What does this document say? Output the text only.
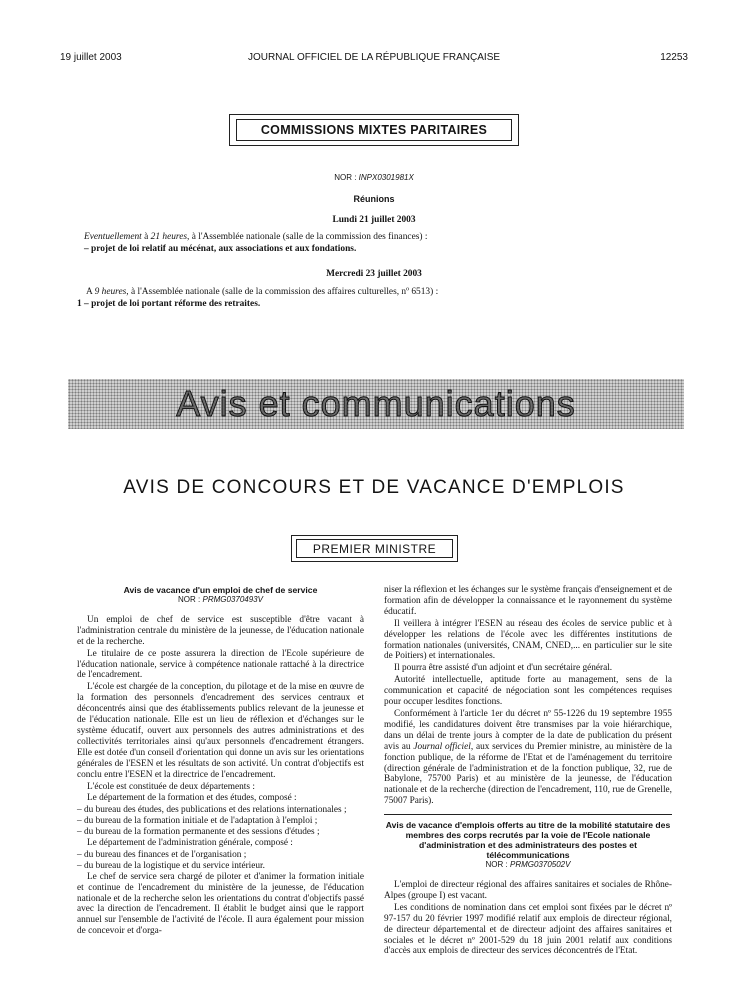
19 juillet 2003	JOURNAL OFFICIEL DE LA RÉPUBLIQUE FRANÇAISE	12253
COMMISSIONS MIXTES PARITAIRES
NOR : INPX0301981X
Réunions
Lundi 21 juillet 2003
Eventuellement à 21 heures, à l'Assemblée nationale (salle de la commission des finances) :
– projet de loi relatif au mécénat, aux associations et aux fondations.
Mercredi 23 juillet 2003
A 9 heures, à l'Assemblée nationale (salle de la commission des affaires culturelles, nº 6513) :
1 – projet de loi portant réforme des retraites.
Avis et communications
AVIS DE CONCOURS ET DE VACANCE D'EMPLOIS
PREMIER MINISTRE
Avis de vacance d'un emploi de chef de service
NOR : PRMG0370493V

Un emploi de chef de service est susceptible d'être vacant à l'administration centrale du ministère de la jeunesse, de l'éducation nationale et de la recherche.

Le titulaire de ce poste assurera la direction de l'Ecole supérieure de l'éducation nationale, service à compétence nationale rattaché à la directrice de l'encadrement.

L'école est chargée de la conception, du pilotage et de la mise en œuvre de la formation des personnels d'encadrement des services centraux et déconcentrés ainsi que des établissements publics relevant de la jeunesse et de l'éducation nationale. Elle est un lieu de réflexion et d'échanges sur le système éducatif, ouvert aux personnels des autres administrations et des collectivités territoriales ainsi qu'aux personnels d'encadrement étrangers. Elle est dotée d'un conseil d'orientation qui donne un avis sur les orientations générales de l'ESEN et les résultats de son activité. Un contrat d'objectifs est conclu entre l'ESEN et la directrice de l'encadrement.

L'école est constituée de deux départements :

Le département de la formation et des études, composé :

– du bureau des études, des publications et des relations internationales ;
– du bureau de la formation initiale et de l'adaptation à l'emploi ;
– du bureau de la formation permanente et des sessions d'études ;

Le département de l'administration générale, composé :

– du bureau des finances et de l'organisation ;
– du bureau de la logistique et du service intérieur.

Le chef de service sera chargé de piloter et d'animer la formation initiale et continue de l'encadrement du ministère de la jeunesse, de l'éducation nationale et de la recherche selon les orientations du contrat d'objectifs passé avec la direction de l'encadrement. Il établit le budget ainsi que le rapport annuel sur l'ensemble de l'activité de l'école. Il aura également pour mission de concevoir et d'orga-

niser la réflexion et les échanges sur le système français d'enseignement et de formation afin de développer la connaissance et le rayonnement du système éducatif.

Il veillera à intégrer l'ESEN au réseau des écoles de service public et à développer les relations de l'école avec les différentes institutions de formation nationales (universités, CNAM, CNED,... en particulier sur le site de Poitiers) et internationales.

Il pourra être assisté d'un adjoint et d'un secrétaire général.

Autorité intellectuelle, aptitude forte au management, sens de la communication et capacité de négociation sont les compétences requises pour occuper lesdites fonctions.

Conformément à l'article 1er du décret nº 55-1226 du 19 septembre 1955 modifié, les candidatures doivent être transmises par la voie hiérarchique, dans un délai de trente jours à compter de la date de publication du présent avis au Journal officiel, aux services du Premier ministre, au ministère de la fonction publique, de la réforme de l'Etat et de l'aménagement du territoire (direction générale de l'administration et de la fonction publique, 32, rue de Babylone, 75700 Paris) et au ministère de la jeunesse, de l'éducation nationale et de la recherche (direction de l'encadrement, 110, rue de Grenelle, 75007 Paris).

Avis de vacance d'emplois offerts au titre de la mobilité statutaire des membres des corps recrutés par la voie de l'Ecole nationale d'administration et des administrateurs des postes et télécommunications
NOR : PRMG0370502V

L'emploi de directeur régional des affaires sanitaires et sociales de Rhône-Alpes (groupe I) est vacant.

Les conditions de nomination dans cet emploi sont fixées par le décret nº 97-157 du 20 février 1997 modifié relatif aux emplois de directeur régional, de directeur départemental et de directeur adjoint des affaires sanitaires et sociales et le décret nº 2001-529 du 18 juin 2001 relatif aux conditions d'accès aux emplois de directeur des services déconcentrés de l'Etat.
